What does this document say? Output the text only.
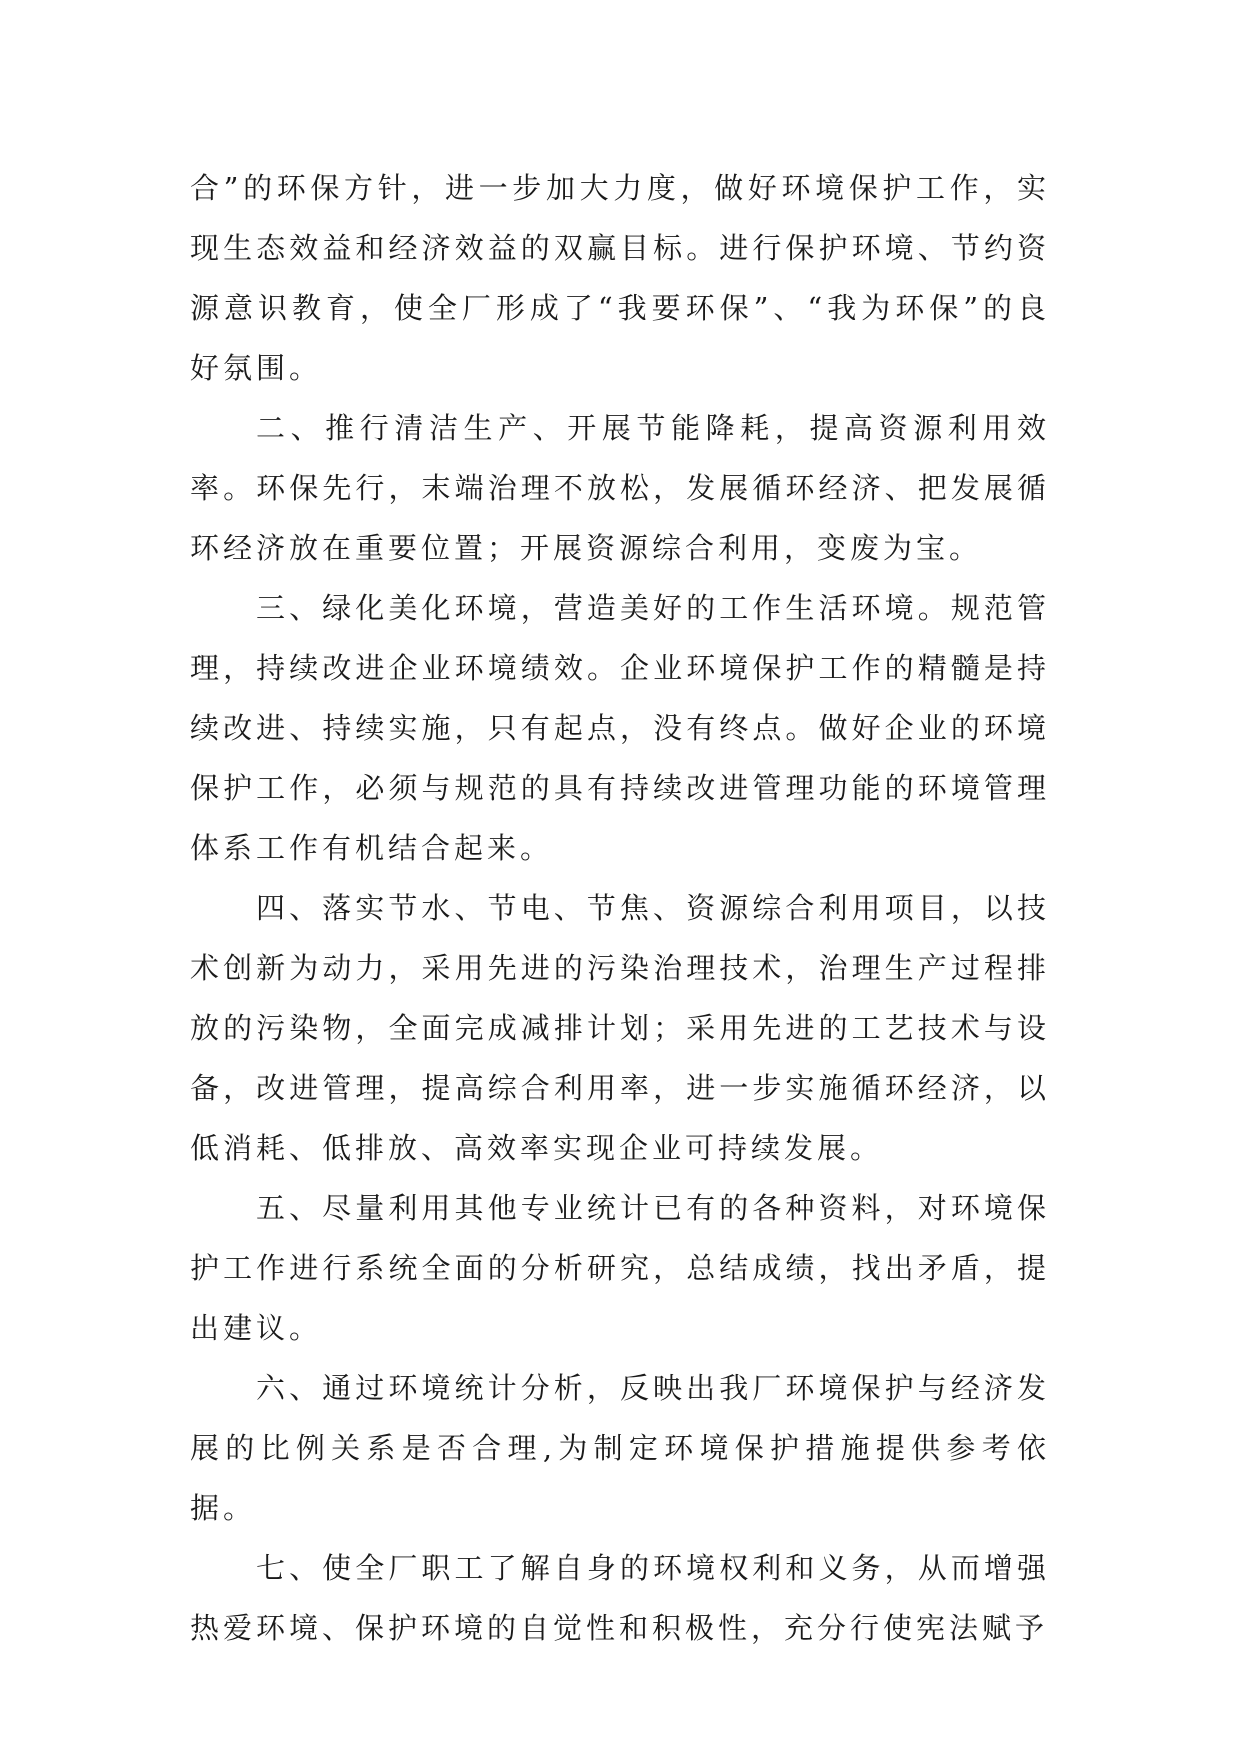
合”的环保方针，进一步加大力度，做好环境保护工作，实现生态效益和经济效益的双赢目标。进行保护环境、节约资源意识教育，使全厂形成了“我要环保”、“我为环保”的良好氛围。

二、推行清洁生产、开展节能降耗，提高资源利用效率。环保先行，末端治理不放松，发展循环经济、把发展循环经济放在重要位置；开展资源综合利用，变废为宝。

三、绿化美化环境，营造美好的工作生活环境。规范管理，持续改进企业环境绩效。企业环境保护工作的精髓是持续改进、持续实施，只有起点，没有终点。做好企业的环境保护工作，必须与规范的具有持续改进管理功能的环境管理体系工作有机结合起来。

四、落实节水、节电、节焦、资源综合利用项目，以技术创新为动力，采用先进的污染治理技术，治理生产过程排放的污染物，全面完成减排计划；采用先进的工艺技术与设备，改进管理，提高综合利用率，进一步实施循环经济，以低消耗、低排放、高效率实现企业可持续发展。

五、尽量利用其他专业统计已有的各种资料，对环境保护工作进行系统全面的分析研究，总结成绩，找出矛盾，提出建议。

六、通过环境统计分析，反映出我厂环境保护与经济发展的比例关系是否合理,为制定环境保护措施提供参考依据。

七、使全厂职工了解自身的环境权利和义务，从而增强热爱环境、保护环境的自觉性和积极性，充分行使宪法赋予
